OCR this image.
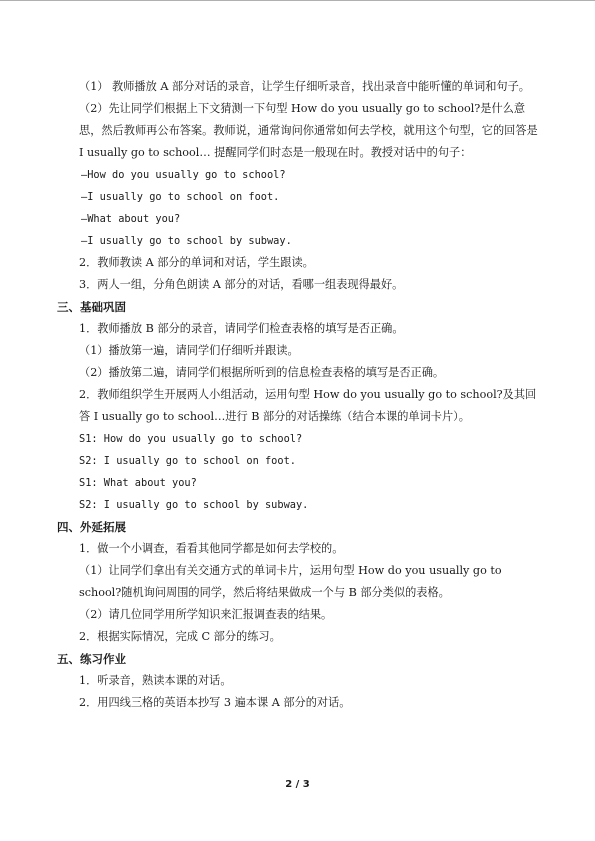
（1） 教师播放 A 部分对话的录音，让学生仔细听录音，找出录音中能听懂的单词和句子。
（2）先让同学们根据上下文猜测一下句型 How do you usually go to school?是什么意思，然后教师再公布答案。教师说，通常询问你通常如何去学校，就用这个句型，它的回答是 I usually go to school… 提醒同学们时态是一般现在时。教授对话中的句子：
—How do you usually go to school?
—I usually go to school on foot.
—What about you?
—I usually go to school by subway.
2．教师教读 A 部分的单词和对话，学生跟读。
3．两人一组，分角色朗读 A 部分的对话，看哪一组表现得最好。
三、基础巩固
1．教师播放 B 部分的录音，请同学们检查表格的填写是否正确。
（1）播放第一遍，请同学们仔细听并跟读。
（2）播放第二遍，请同学们根据所听到的信息检查表格的填写是否正确。
2．教师组织学生开展两人小组活动，运用句型 How do you usually go to school?及其回答 I usually go to school…进行 B 部分的对话操练（结合本课的单词卡片）。
S1: How do you usually go to school?
S2: I usually go to school on foot.
S1: What about you?
S2: I usually go to school by subway.
四、外延拓展
1．做一个小调查，看看其他同学都是如何去学校的。
（1）让同学们拿出有关交通方式的单词卡片，运用句型 How do you usually go to school?随机询问周围的同学，然后将结果做成一个与 B 部分类似的表格。
（2）请几位同学用所学知识来汇报调查表的结果。
2．根据实际情况，完成 C 部分的练习。
五、练习作业
1．听录音，熟读本课的对话。
2．用四线三格的英语本抄写 3 遍本课 A 部分的对话。
2 / 3
